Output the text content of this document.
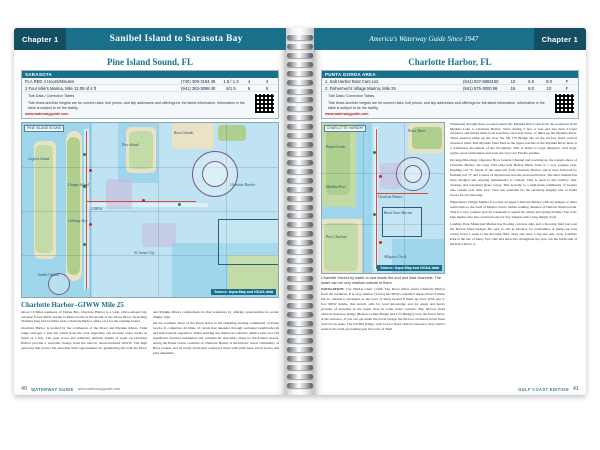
Chapter 1	Sanibel Island to Sarasota Bay
Pine Island Sound, FL
SARASOTA
FLA RED 4 Hours/Minutes	(740) 300-3194 45	1.5 / 1.3	4	4
2 Four Mile's Marina, Mile 12.09 of 4 ft	(941) 383-3098 40	6/1.5	6	5
Tide Data / Correction Tables
Tide times and tide heights are for current rates, fuel prices, and slip addresses and offerings for the latest information. Information in the table is subject to be the facility.
www.waterwayguide.com
Captiva Island
Pine Island
Sanibel Island
Useppa Island
Cabbage Key
Boca Grande
St. James City
Charlotte Harbor
GIWW
PINE ISLAND SOUND
Source: Aqua Map and NOAA data
Charlotte Harbor–GIWW Mile 25

About 10 miles southeast of Tampa Bay, Charlotte Harbor is a wide, elbow-shaped bay carrying 8-foot MLW depths to Punta Gorda at the mouth of the Peace River. Stretching 20 miles long and 10 miles wide, Charlotte Harbor offers a lot for the cruising boater.

Charlotte Harbor is formed by the confluence of the Peace and Myakka Rivers. Tidal range averages 2 feet but winds from the west especially can increase water levels as much as 5 feet. The open scoop and relatively uniform depths of water on Charlotte Harbor provide a welcome change from the narrow, shoal-bordered GIWW. The high east/west that protect the shoreline limit opportunities for gunkholing but both the Peace and Myakka Rivers complement for that wanderers by offering opportunities for scenic dinghy trips.

On the southern shore of the Peace River is the charming boating community of Punta Gorda. It comprises 40 miles of canals that meander through well-kept neighborhoods and lush tropical vegetation. When entering any marina in a historic district with over 150 significant forested residential and commercial structures along its brick-lined streets. Along the Punta Gorda coastline of Charlotte Harbor is the historic resort community of Boca Grande and its richly developed walkways lined with palm trees, brick pavers and park amenities.

40 WATERWAY GUIDE www.waterwayguide.com
America's Waterway Guide Since 1947	Chapter 1
Charlotte Harbor, FL
PUNTA GORDA AREA
1. Salt Harbor Boat Care Ltd.	(941) 637-6883 100	10	5.5	8.0	F
2. Fishermen's Village Marina, Mile 25	(941) 575-3000 98	16	8.0	10	F
Tide Data / Correction Tables
Tide times and tide heights are for current rates, fuel prices, and slip addresses and offerings for the latest information. Information in the table is subject to be the facility.
www.waterwayguide.com
Punta Gorda
Peace River
Myakka River
Port Charlotte
Burnt Store Marina
Alligator Creek
Charlotte Harbor
CHARLOTTE HARBOR
Source: Aqua Map and NOAA data
Charlotte Harbor by water or sea inside the surf and tidal channels. The water can be very shallow outside of them.

NAVIGATION: Use NOAA Chart 11426. The Peace River enters Charlotte Harbor from the northeast. It is very shallow (2 feet) but MLW-controlled depth allows 6 miles but no channel is navigable to the town of Shell located 8 miles up river. With just 5-foot MLW depths, this stretch calls for local knowledge and for snags and heavy growths of branches in the upper river in some water currents. Bay 49-foot fixed vertical clearance bridge (Barron Collier Bridge and I-75 Bridge) cross the Peace River at the entrance. If you can get under the lower bridge, the 60-foot overhead power lines won't be an issue. The CR 884 bridge, with 12-foot fixed vertical clearance, may restrict some boats from proceeding past the town of Shell.

Wandering through these wooded streets the Myakka River runs from the southwest from Myakka Lake to Charlotte Harbor. Since during 3 feet or less and less than 2.5-feet clearance and mixed mild, local boarding can travel about 17 miles up the Myakka River. Three nautical miles up the river the SR 776 Bridge sits on the 25-foot fixed vertical clearance limit. Past Myakka State Park in the upper reaches of the Myakka River there is a wilderness movement of the floodplain. This is home to large alligators, bird hogs, eagles, great rattlesnakes and even the very rare Florida panther.

Dockage/Moorings: Opposite Boca Grande Channel and reaching up the eastern shore of Charlotte Harbor, the large (325-slip) Safe Harbor Burnt Store is a very popular stop. Flashing red "6" heads of the approach from Charlotte Harbor and is then followed by flashing red "2" and a series of daybeacons into the protected harbor. The inlet channel has been dredged and ongoing maintenance is evident. This is open to this facility: fuel, dockage and restaurant (Kate Cays). This is home to a right-hand community of boaters who remain year after year. Turn one available for the relatively lengthy sale to Punta Gorda for provisioning.

Fishermen's Village Marina is located on upper Charlotte Harbor with six bridges or other restrictions to the Gulf of Mexico and is within walking distance of Historic Punta Gorda. This is a very popular spot for transients to spend the winter and spring months. The well-kept marina also has covered docks for day-trippers and a long dinghy dock.

Laishley Park Municipal Marina has floating concrete slips and a mooring field just past the Barron Sand bridges. Be sure to call in advance for availability. A pump-out boat comes twice a week to the mooring field. They also have a day-use only dock. Laishley Park is the site of many foot calls and attractive throughout the year. On the north side of the Peace River to

GULF COAST EDITION 41
